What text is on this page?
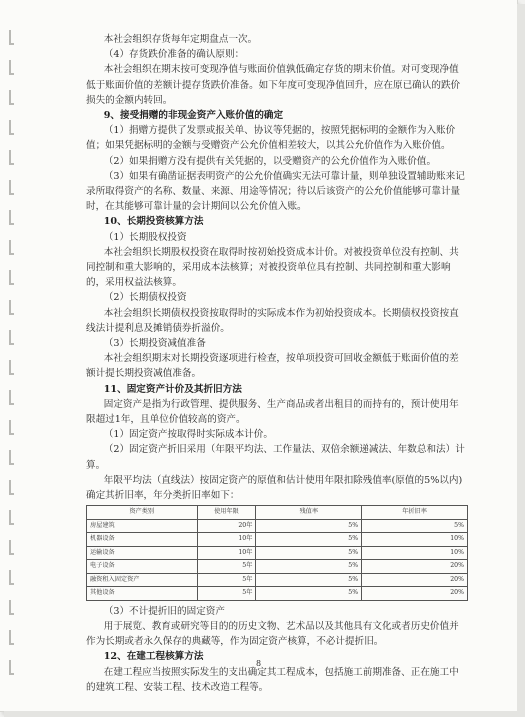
本社会组织存货每年定期盘点一次。

（4）存货跌价准备的确认原则：

本社会组织在期末按可变现净值与账面价值孰低确定存货的期末价值。对可变现净值低于账面价值的差额计提存货跌价准备。如下年度可变现净值回升，应在原已确认的跌价损失的金额内转回。

9、接受捐赠的非现金资产入账价值的确定

（1）捐赠方提供了发票或报关单、协议等凭据的，按照凭据标明的金额作为入账价值；如果凭据标明的金额与受赠资产公允价值相差较大，以其公允价值作为入账价值。

（2）如果捐赠方没有提供有关凭据的，以受赠资产的公允价值作为入账价值。

（3）如果有确凿证据表明资产的公允价值确实无法可靠计量，则单独设置辅助账来记录所取得资产的名称、数量、来源、用途等情况；待以后该资产的公允价值能够可靠计量时，在其能够可靠计量的会计期间以公允价值入账。

10、长期投资核算方法

（1）长期股权投资

本社会组织长期股权投资在取得时按初始投资成本计价。对被投资单位没有控制、共同控制和重大影响的，采用成本法核算；对被投资单位具有控制、共同控制和重大影响的，采用权益法核算。

（2）长期债权投资

本社会组织长期债权投资按取得时的实际成本作为初始投资成本。长期债权投资按直线法计提利息及摊销债券折溢价。

（3）长期投资减值准备

本社会组织期末对长期投资逐项进行检查，按单项投资可回收金额低于账面价值的差额计提长期投资减值准备。

11、固定资产计价及其折旧方法

固定资产是指为行政管理、提供服务、生产商品或者出租目的而持有的，预计使用年限超过1年，且单位价值较高的资产。

（1）固定资产按取得时实际成本计价。

（2）固定资产折旧采用（年限平均法、工作量法、双倍余额递减法、年数总和法）计算。

年限平均法（直线法）按固定资产的原值和估计使用年限扣除残值率(原值的5%以内)确定其折旧率，年分类折旧率如下：

资产类别	使用年限	残值率	年折旧率
房屋建筑	20年	5%	5%
机器设备	10年	5%	10%
运输设备	10年	5%	10%
电子设备	5年	5%	20%
融资租入固定资产	5年	5%	20%
其他设备	5年	5%	20%

（3）不计提折旧的固定资产

用于展览、教育或研究等目的的历史文物、艺术品以及其他具有文化或者历史价值并作为长期或者永久保存的典藏等，作为固定资产核算，不必计提折旧。

12、在建工程核算方法

在建工程应当按照实际发生的支出确定其工程成本，包括施工前期准备、正在施工中的建筑工程、安装工程、技术改造工程等。

8
